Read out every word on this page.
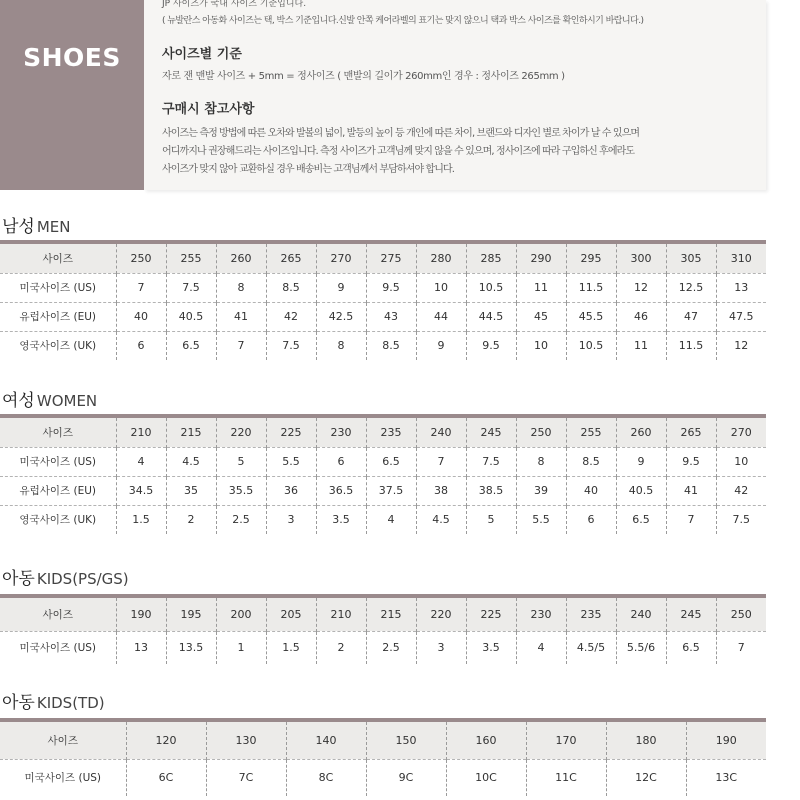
SHOES
JP 사이즈가 국내 사이즈 기준입니다.
( 뉴발란스 아동화 사이즈는 택, 박스 기준입니다.신발 안쪽 케어라벨의 표기는 맞지 않으니 택과 박스 사이즈를 확인하시기 바랍니다.)
사이즈별 기준
자로 잰 맨발 사이즈 + 5mm = 정사이즈 ( 맨발의 길이가 260mm인 경우 : 정사이즈 265mm )
구매시 참고사항
사이즈는 측정 방법에 따른 오차와 발볼의 넓이, 발등의 높이 등 개인에 따른 차이, 브랜드와 디자인 별로 차이가 날 수 있으며
어디까지나 권장해드리는 사이즈입니다. 측정 사이즈가 고객님께 맞지 않을 수 있으며, 정사이즈에 따라 구입하신 후에라도
사이즈가 맞지 않아 교환하실 경우 배송비는 고객님께서 부담하셔야 합니다.
남성 MEN
사이즈	250	255	260	265	270	275	280	285	290	295	300	305	310
미국사이즈 (US)	7	7.5	8	8.5	9	9.5	10	10.5	11	11.5	12	12.5	13
유럽사이즈 (EU)	40	40.5	41	42	42.5	43	44	44.5	45	45.5	46	47	47.5
영국사이즈 (UK)	6	6.5	7	7.5	8	8.5	9	9.5	10	10.5	11	11.5	12
여성 WOMEN
사이즈	210	215	220	225	230	235	240	245	250	255	260	265	270
미국사이즈 (US)	4	4.5	5	5.5	6	6.5	7	7.5	8	8.5	9	9.5	10
유럽사이즈 (EU)	34.5	35	35.5	36	36.5	37.5	38	38.5	39	40	40.5	41	42
영국사이즈 (UK)	1.5	2	2.5	3	3.5	4	4.5	5	5.5	6	6.5	7	7.5
아동 KIDS(PS/GS)
사이즈	190	195	200	205	210	215	220	225	230	235	240	245	250
미국사이즈 (US)	13	13.5	1	1.5	2	2.5	3	3.5	4	4.5/5	5.5/6	6.5	7
아동 KIDS(TD)
사이즈	120	130	140	150	160	170	180	190
미국사이즈 (US)	6C	7C	8C	9C	10C	11C	12C	13C
